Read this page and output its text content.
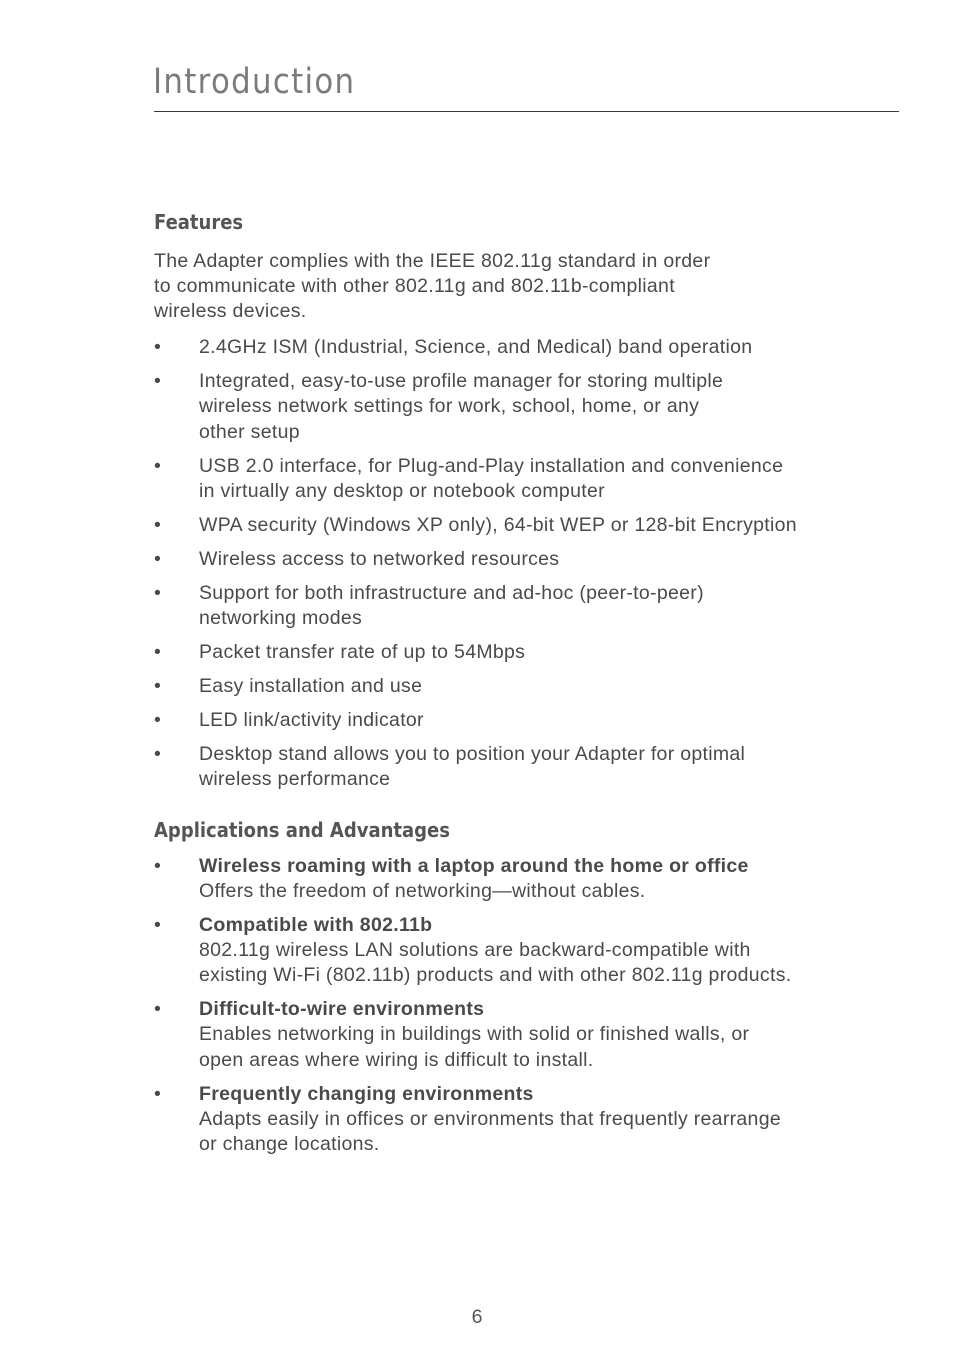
Introduction
Features

The Adapter complies with the IEEE 802.11g standard in order
to communicate with other 802.11g and 802.11b-compliant
wireless devices.

•	2.4GHz ISM (Industrial, Science, and Medical) band operation
•	Integrated, easy-to-use profile manager for storing multiple
wireless network settings for work, school, home, or any
other setup
•	USB 2.0 interface, for Plug-and-Play installation and convenience
in virtually any desktop or notebook computer
•	WPA security (Windows XP only), 64-bit WEP or 128-bit Encryption
•	Wireless access to networked resources
•	Support for both infrastructure and ad-hoc (peer-to-peer)
networking modes
•	Packet transfer rate of up to 54Mbps
•	Easy installation and use
•	LED link/activity indicator
•	Desktop stand allows you to position your Adapter for optimal
wireless performance
Applications and Advantages
•	Wireless roaming with a laptop around the home or office
Offers the freedom of networking—without cables.
•	Compatible with 802.11b
802.11g wireless LAN solutions are backward-compatible with
existing Wi-Fi (802.11b) products and with other 802.11g products.
•	Difficult-to-wire environments
Enables networking in buildings with solid or finished walls, or
open areas where wiring is difficult to install.
•	Frequently changing environments
Adapts easily in offices or environments that frequently rearrange
or change locations.
6
